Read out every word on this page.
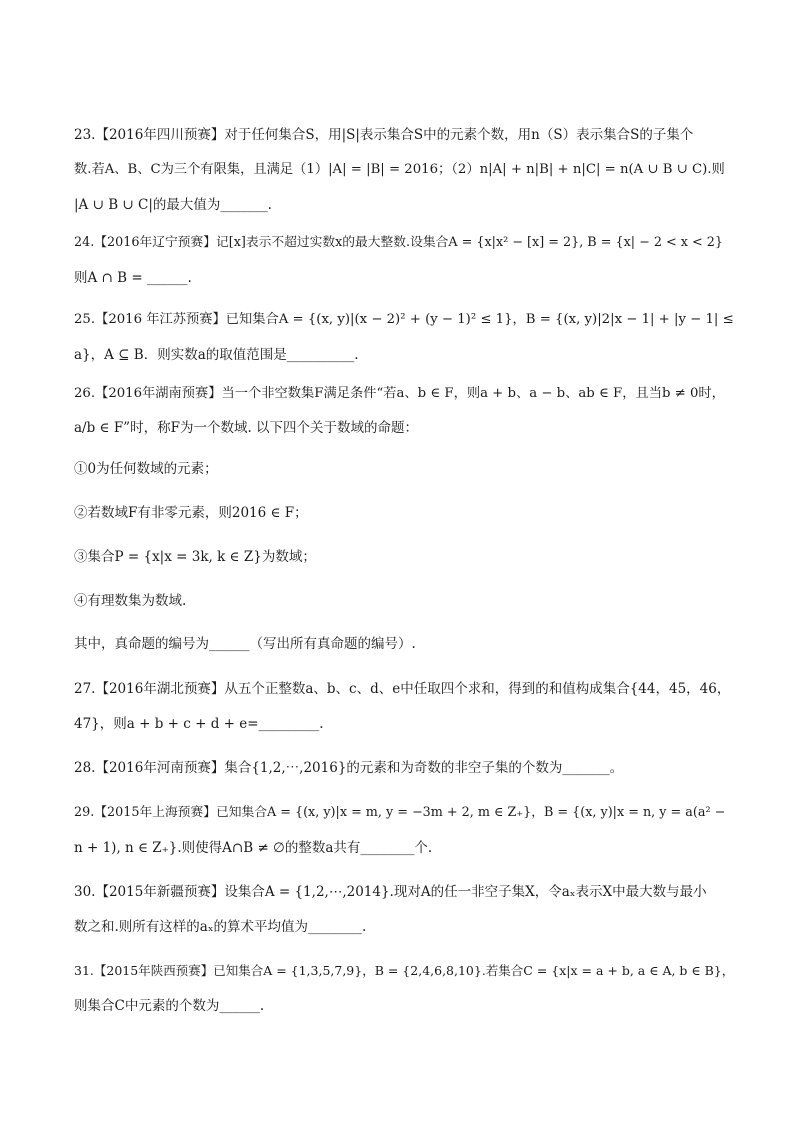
23.【2016年四川预赛】对于任何集合S，用|S|表示集合S中的元素个数，用n（S）表示集合S的子集个
数.若A、B、C为三个有限集，且满足（1）|A| = |B| = 2016；（2）n|A| + n|B| + n|C| = n(A ∪ B ∪ C).则
|A ∪ B ∪ C|的最大值为_______.
24.【2016年辽宁预赛】记[x]表示不超过实数x的最大整数.设集合A = {x|x² − [x] = 2}, B = {x| − 2 < x < 2}
则A ∩ B = ______.
25.【2016 年江苏预赛】已知集合A = {(x, y)|(x − 2)² + (y − 1)² ≤ 1}，B = {(x, y)|2|x − 1| + |y − 1| ≤
a}，A ⊆ B．则实数a的取值范围是__________.
26.【2016年湖南预赛】当一个非空数集F满足条件“若a、b ∈ F，则a + b、a − b、ab ∈ F，且当b ≠ 0时，
a/b ∈ F”时，称F为一个数域. 以下四个关于数域的命题：
①0为任何数域的元素；
②若数域F有非零元素，则2016 ∈ F；
③集合P = {x|x = 3k, k ∈ Z}为数域；
④有理数集为数域.
其中，真命题的编号为______（写出所有真命题的编号）.
27.【2016年湖北预赛】从五个正整数a、b、c、d、e中任取四个求和，得到的和值构成集合{44，45，46，
47}，则a + b + c + d + e=_________.
28.【2016年河南预赛】集合{1,2,⋯,2016}的元素和为奇数的非空子集的个数为_______。
29.【2015年上海预赛】已知集合A = {(x, y)|x = m, y = −3m + 2, m ∈ Z₊}，B = {(x, y)|x = n, y = a(a² −
n + 1), n ∈ Z₊}.则使得A∩B ≠ ∅的整数a共有________个.
30.【2015年新疆预赛】设集合A = {1,2,⋯,2014}.现对A的任一非空子集X，令aₓ表示X中最大数与最小
数之和.则所有这样的aₓ的算术平均值为________.
31.【2015年陕西预赛】已知集合A = {1,3,5,7,9}，B = {2,4,6,8,10}.若集合C = {x|x = a + b, a ∈ A, b ∈ B}，
则集合C中元素的个数为______.
